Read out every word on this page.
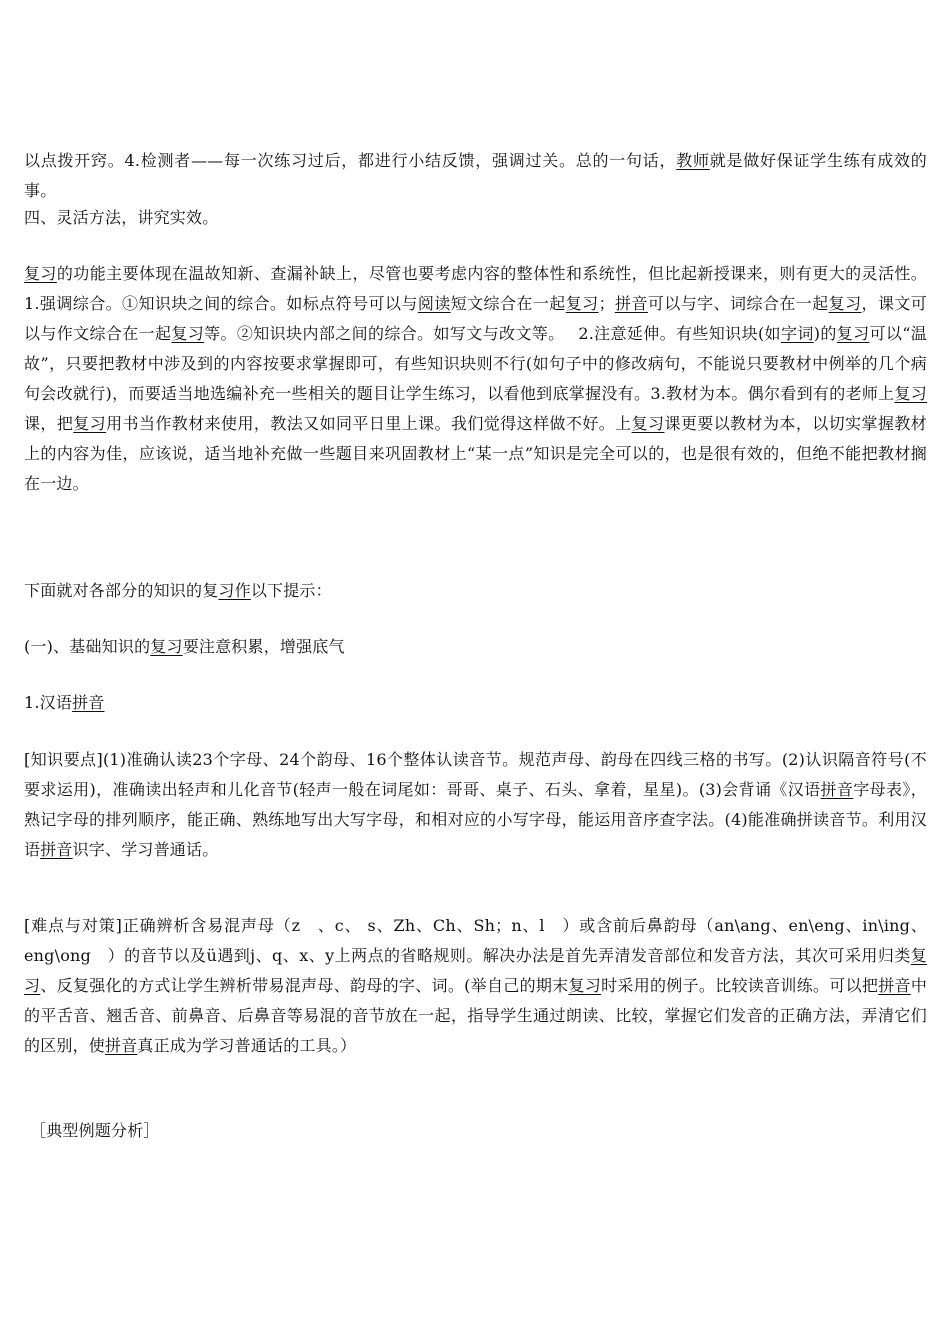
以点拨开窍。4.检测者——每一次练习过后，都进行小结反馈，强调过关。总的一句话，教师就是做好保证学生练有成效的事。

四、灵活方法，讲究实效。

复习的功能主要体现在温故知新、查漏补缺上，尽管也要考虑内容的整体性和系统性，但比起新授课来，则有更大的灵活性。1.强调综合。①知识块之间的综合。如标点符号可以与阅读短文综合在一起复习；拼音可以与字、词综合在一起复习，课文可以与作文综合在一起复习等。②知识块内部之间的综合。如写文与改文等。　 2.注意延伸。有些知识块(如字词)的复习可以“温故”，只要把教材中涉及到的内容按要求掌握即可，有些知识块则不行(如句子中的修改病句，不能说只要教材中例举的几个病句会改就行)，而要适当地选编补充一些相关的题目让学生练习，以看他到底掌握没有。3.教材为本。偶尔看到有的老师上复习课，把复习用书当作教材来使用，教法又如同平日里上课。我们觉得这样做不好。上复习课更要以教材为本，以切实掌握教材上的内容为佳，应该说，适当地补充做一些题目来巩固教材上“某一点”知识是完全可以的，也是很有效的，但绝不能把教材搁在一边。

下面就对各部分的知识的复习作以下提示：

(一)、基础知识的复习要注意积累，增强底气

1.汉语拼音

[知识要点](1)准确认读23个字母、24个韵母、16个整体认读音节。规范声母、韵母在四线三格的书写。(2)认识隔音符号(不要求运用)，准确读出轻声和儿化音节(轻声一般在词尾如：哥哥、桌子、石头、拿着，星星)。(3)会背诵《汉语拼音字母表》，熟记字母的排列顺序，能正确、熟练地写出大写字母，和相对应的小写字母，能运用音序查字法。(4)能准确拼读音节。利用汉语拼音识字、学习普通话。

[难点与对策]正确辨析含易混声母（z　、c、 s、Zh、Ch、Sh；n、l　）或含前后鼻韵母（an\ang、en\eng、in\ing、eng\ong　）的音节以及ü遇到j、q、x、y上两点的省略规则。解决办法是首先弄清发音部位和发音方法，其次可采用归类复习、反复强化的方式让学生辨析带易混声母、韵母的字、词。(举自己的期末复习时采用的例子。比较读音训练。可以把拼音中的平舌音、翘舌音、前鼻音、后鼻音等易混的音节放在一起，指导学生通过朗读、比较，掌握它们发音的正确方法，弄清它们的区别，使拼音真正成为学习普通话的工具。）

［典型例题分析］
